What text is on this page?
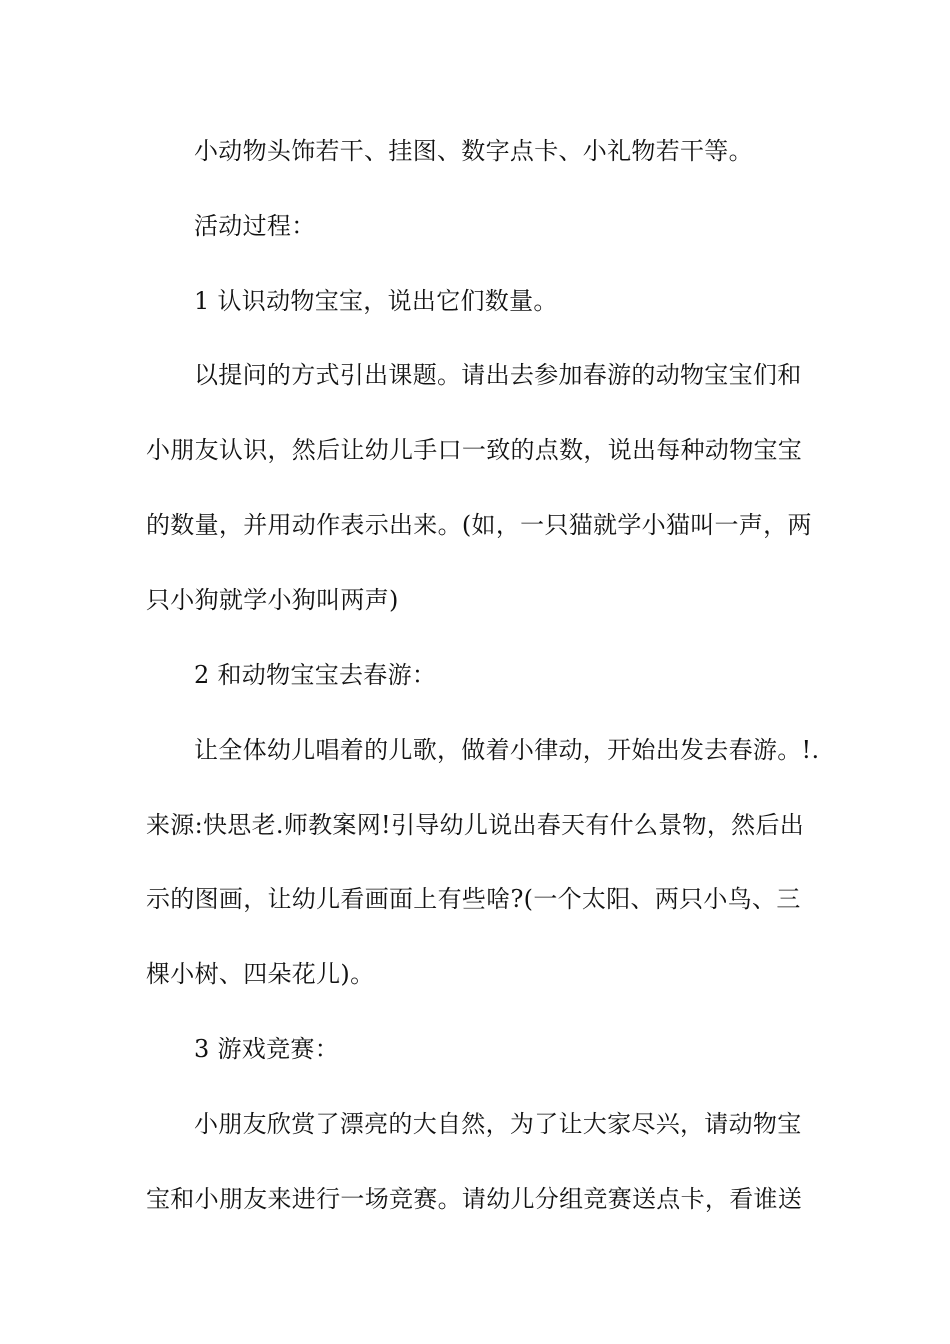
小动物头饰若干、挂图、数字点卡、小礼物若干等。
活动过程：
1 认识动物宝宝，说出它们数量。
以提问的方式引出课题。请出去参加春游的动物宝宝们和
小朋友认识，然后让幼儿手口一致的点数，说出每种动物宝宝
的数量，并用动作表示出来。(如，一只猫就学小猫叫一声，两
只小狗就学小狗叫两声)
2 和动物宝宝去春游：
让全体幼儿唱着的儿歌，做着小律动，开始出发去春游。!.
来源:快思老.师教案网!引导幼儿说出春天有什么景物，然后出
示的图画，让幼儿看画面上有些啥?(一个太阳、两只小鸟、三
棵小树、四朵花儿)。
3 游戏竞赛：
小朋友欣赏了漂亮的大自然，为了让大家尽兴，请动物宝
宝和小朋友来进行一场竞赛。请幼儿分组竞赛送点卡，看谁送
